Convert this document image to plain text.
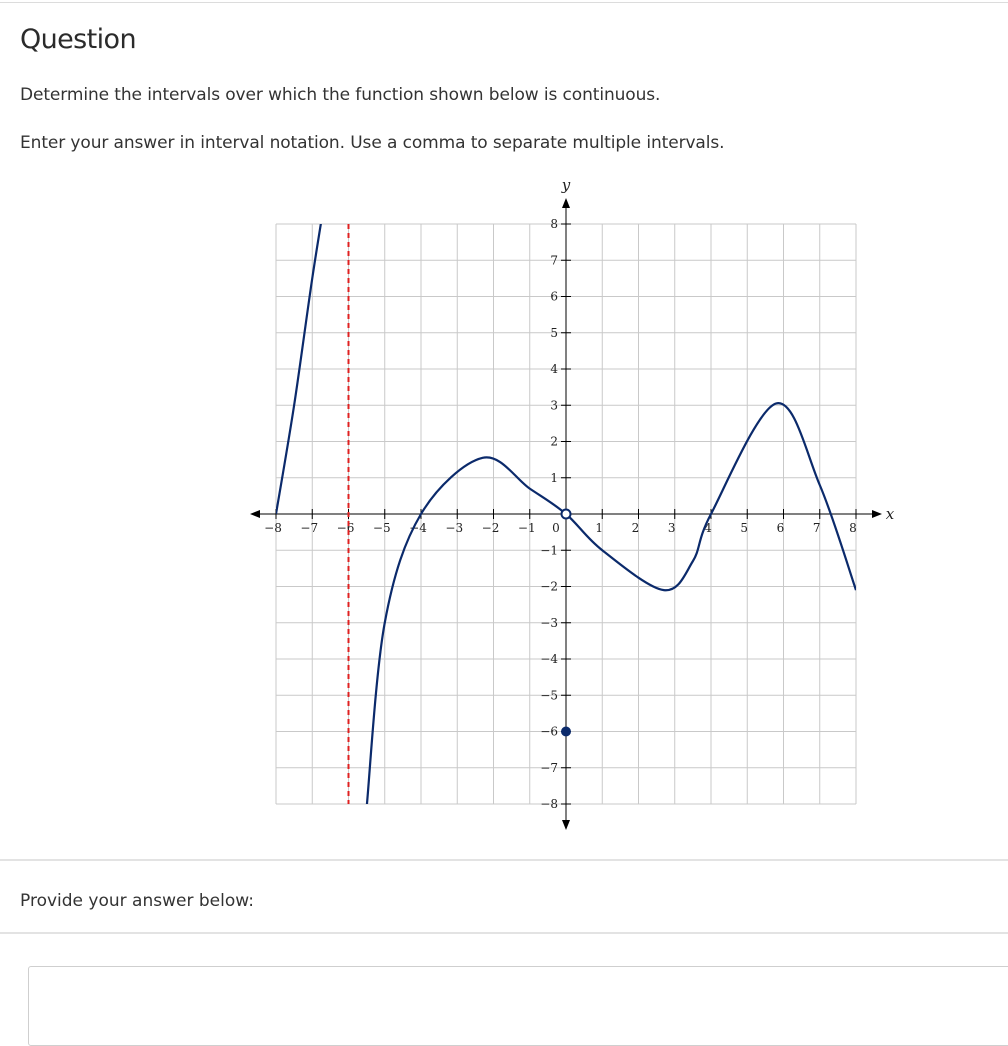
Question

Determine the intervals over which the function shown below is continuous.

Enter your answer in interval notation. Use a comma to separate multiple intervals.

−8 −7 −6 −5 −4 −3 −2 −1 0	1 2 3 4 5 6 7 8
8
7
6
5
4
3
2
1
−1
−2
−3
−4
−5
−6
−7
−8
x
y
Provide your answer below:
